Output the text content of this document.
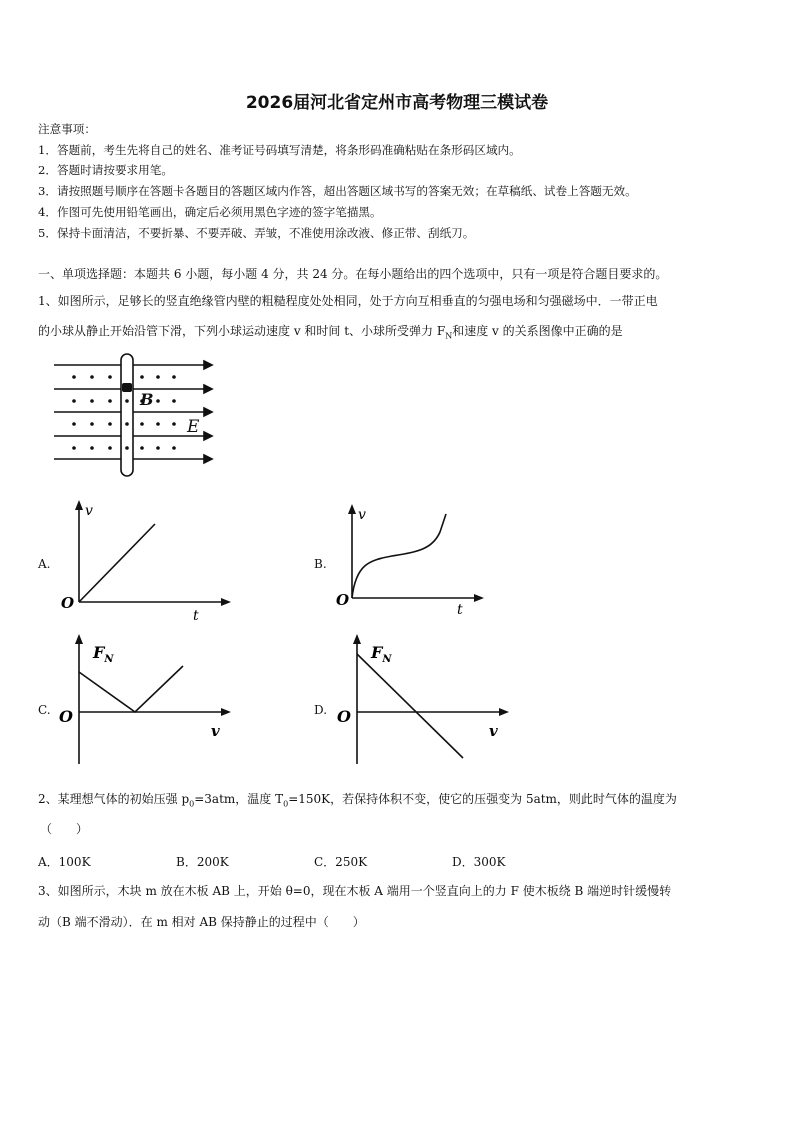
2026届河北省定州市高考物理三模试卷
注意事项：
1．答题前，考生先将自己的姓名、准考证号码填写清楚，将条形码准确粘贴在条形码区域内。
2．答题时请按要求用笔。
3．请按照题号顺序在答题卡各题目的答题区域内作答，超出答题区域书写的答案无效；在草稿纸、试卷上答题无效。
4．作图可先使用铅笔画出，确定后必须用黑色字迹的签字笔描黑。
5．保持卡面清洁，不要折暴、不要弄破、弄皱，不准使用涂改液、修正带、刮纸刀。
一、单项选择题：本题共 6 小题，每小题 4 分，共 24 分。在每小题给出的四个选项中，只有一项是符合题目要求的。
1、如图所示，足够长的竖直绝缘管内壁的粗糙程度处处相同，处于方向互相垂直的匀强电场和匀强磁场中．一带正电
的小球从静止开始沿管下滑，下列小球运动速度 v 和时间 t、小球所受弹力 $F_N$和速度 v 的关系图像中正确的是
B
E
A.
v
t
O
B.
v
t
O
C.
$F_N$
v
O	D.
$F_N$
v
O
2、某理想气体的初始压强 $p_0=3atm$，温度 $T_0=150K$，若保持体积不变，使它的压强变为 5atm，则此时气体的温度为
（　　）
A．100K	B．200K	C．250K	D．300K
3、如图所示，木块 m 放在木板 AB 上，开始 θ=0，现在木板 A 端用一个竖直向上的力 F 使木板绕 B 端逆时针缓慢转
动（B 端不滑动）．在 m 相对 AB 保持静止的过程中（　　）
